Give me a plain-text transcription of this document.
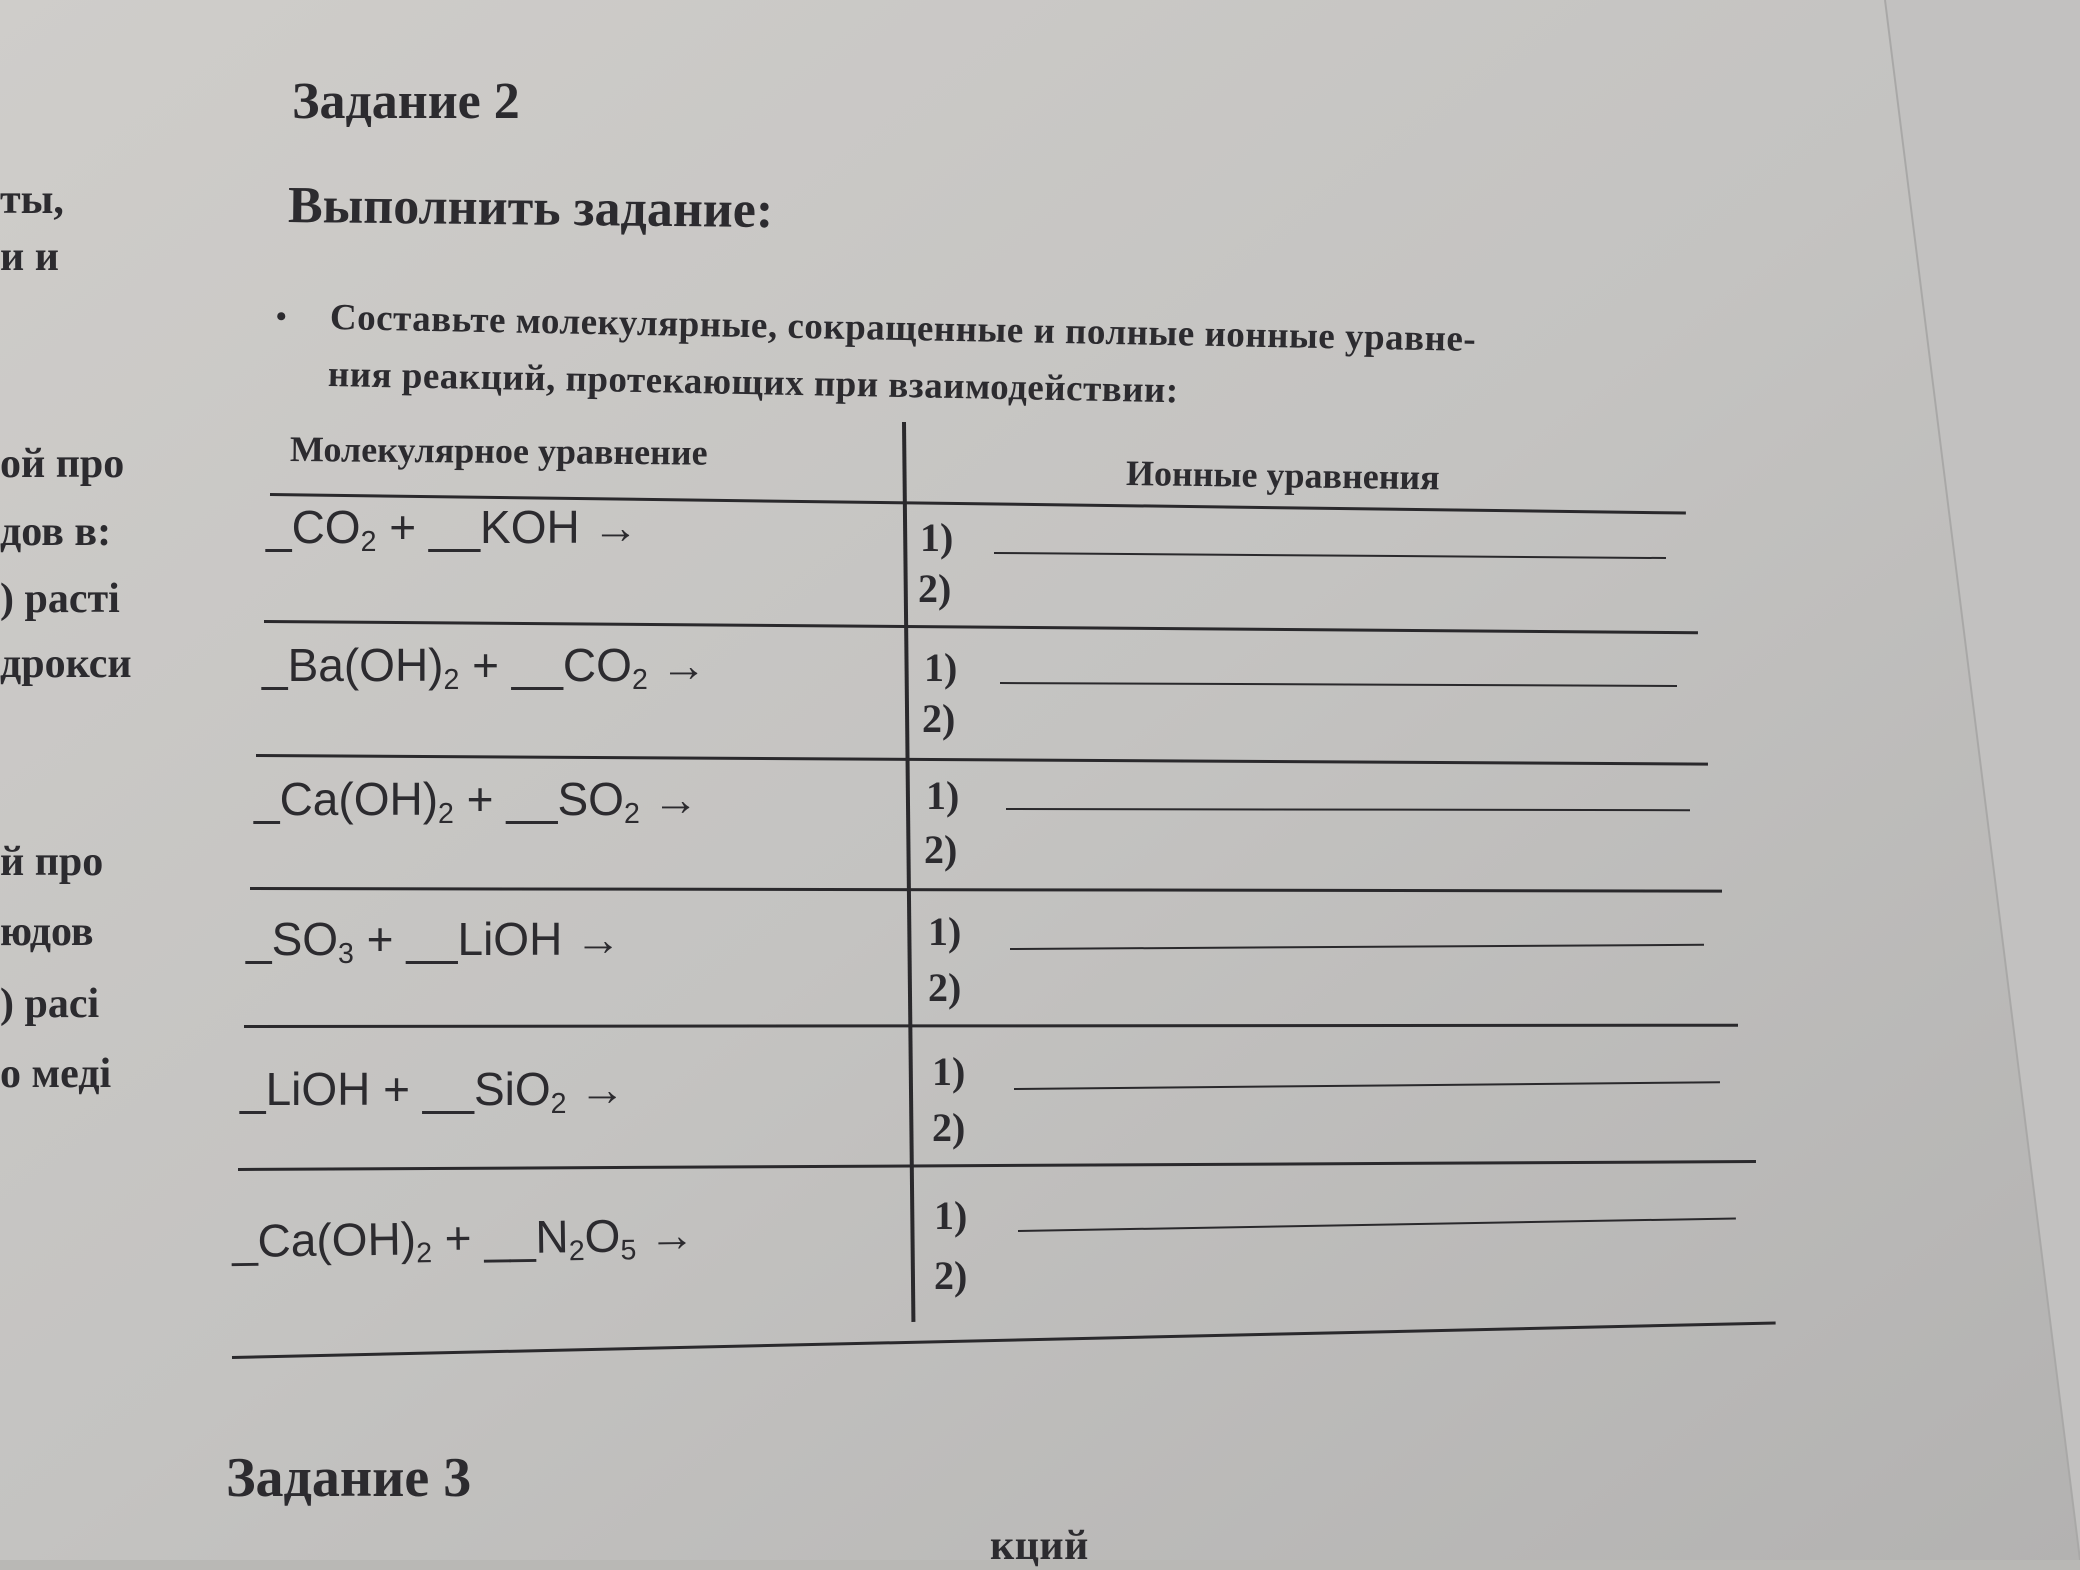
ты,
и и
ой про
дов в:
) расті
дрокси
й про
юдов
) расі
о меді
Задание 2
Выполнить задание:
• Составьте молекулярные, сокращенные и полные ионные уравне-
ния реакций, протекающих при взаимодействии:
Молекулярное уравнение
Ионные уравнения
$\_CO_2$ + __KOH →
$\_Ba(OH)_2$ + $\_\_CO_2$ →
$\_Ca(OH)_2$ + $\_\_SO_2$ →
$\_SO_3$ + __LiOH →
_LiOH + __SiO$_2$ →
$\_Ca(OH)_2$ + $\_\_N_2O_5$ →
1)
2)
1)
2)
1)
2)
1)
2)
1)
2)
1)
2)
Задание 3
кций
